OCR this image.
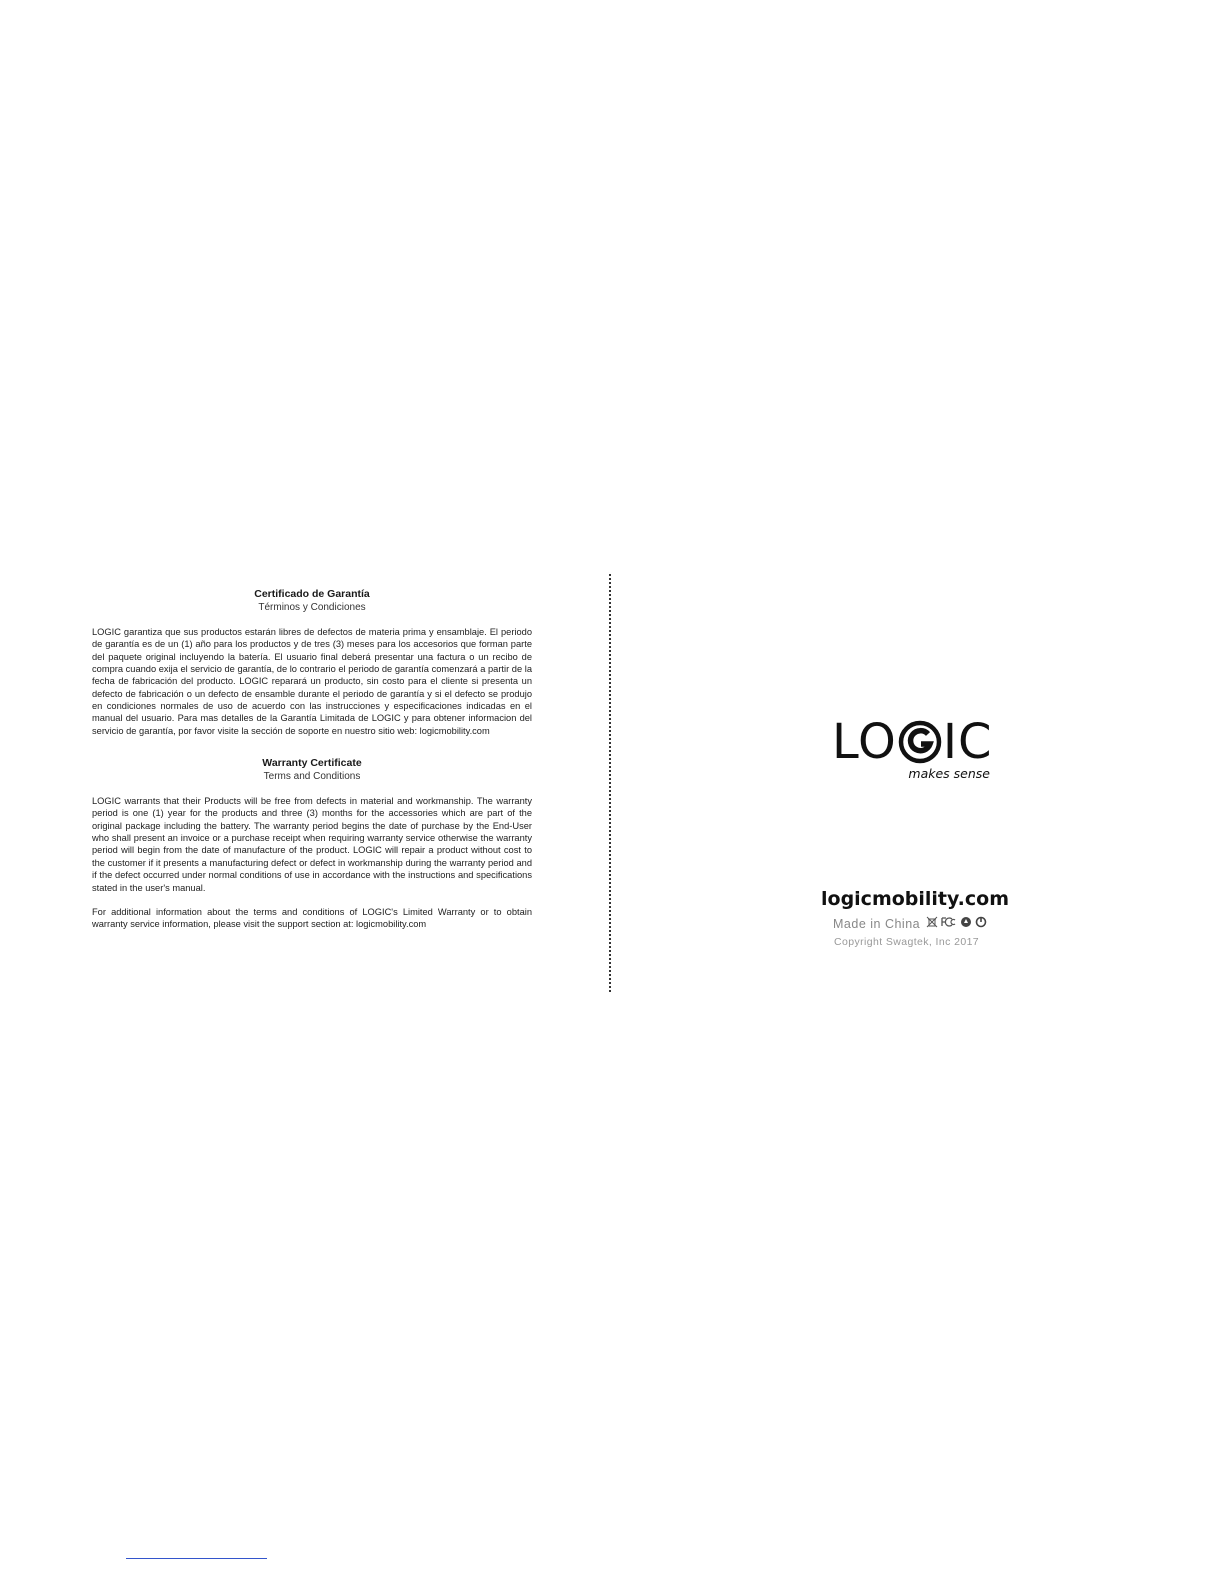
Certificado de Garantía

Términos y Condiciones

LOGIC garantiza que sus productos estarán libres de defectos de materia prima y ensamblaje. El periodo de garantía es de un (1) año para los productos y de tres (3) meses para los accesorios que forman parte del paquete original incluyendo la batería. El usuario final deberá presentar una factura o un recibo de compra cuando exija el servicio de garantía, de lo contrario el periodo de garantía comenzará a partir de la fecha de fabricación del producto. LOGIC reparará un producto, sin costo para el cliente si presenta un defecto de fabricación o un defecto de ensamble durante el periodo de garantía y si el defecto se produjo en condiciones normales de uso de acuerdo con las instrucciones y especificaciones indicadas en el manual del usuario. Para mas detalles de la Garantía Limitada de LOGIC y para obtener informacion del servicio de garantía, por favor visite la sección de soporte en nuestro sitio web: logicmobility.com

Warranty Certificate

Terms and Conditions

LOGIC warrants that their Products will be free from defects in material and workmanship. The warranty period is one (1) year for the products and three (3) months for the accessories which are part of the original package including the battery. The warranty period begins the date of purchase by the End-User who shall present an invoice or a purchase receipt when requiring warranty service otherwise the warranty period will begin from the date of manufacture of the product. LOGIC will repair a product without cost to the customer if it presents a manufacturing defect or defect in workmanship during the warranty period and if the defect occurred under normal conditions of use in accordance with the instructions and specifications stated in the user's manual.

For additional information about the terms and conditions of LOGIC's Limited Warranty or to obtain warranty service information, please visit the support section at: logicmobility.com

LO IC
makes sense
logicmobility.com
Made in China
Copyright Swagtek, Inc 2017
